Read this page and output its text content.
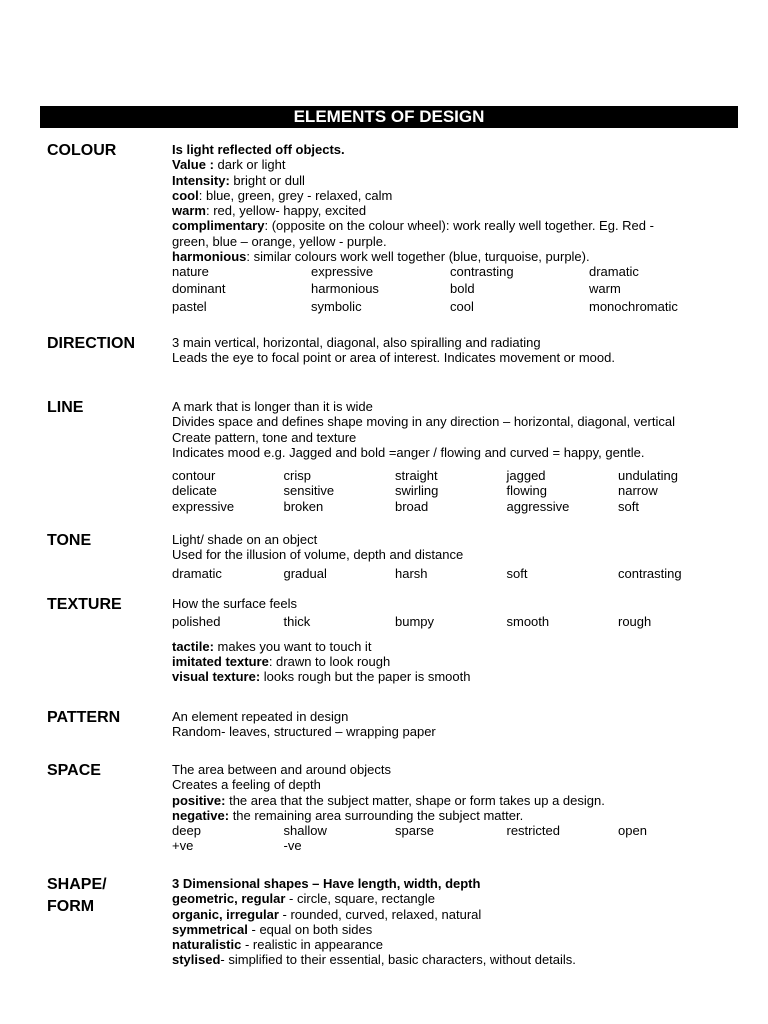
ELEMENTS OF DESIGN
COLOUR	Is light reflected off objects.
Value : dark or light
Intensity: bright or dull
cool: blue, green, grey - relaxed, calm
warm: red, yellow- happy, excited
complimentary: (opposite on the colour wheel): work really well together. Eg. Red -
green, blue – orange, yellow - purple.
harmonious: similar colours work well together (blue, turquoise, purple).
nature	expressive	contrasting	dramatic
dominant	harmonious	bold	warm
pastel	symbolic	cool	monochromatic
DIRECTION	3 main vertical, horizontal, diagonal, also spiralling and radiating
Leads the eye to focal point or area of interest. Indicates movement or mood.
LINE	A mark that is longer than it is wide
Divides space and defines shape moving in any direction – horizontal, diagonal, vertical
Create pattern, tone and texture
Indicates mood e.g. Jagged and bold =anger / flowing and curved = happy, gentle.
contour	crisp	straight	jagged	undulating
delicate	sensitive	swirling	flowing	narrow
expressive	broken	broad	aggressive	soft
TONE	Light/ shade on an object
Used for the illusion of volume, depth and distance
dramatic	gradual	harsh	soft	contrasting
TEXTURE	How the surface feels
polished	thick	bumpy	smooth	rough
tactile: makes you want to touch it
imitated texture: drawn to look rough
visual texture: looks rough but the paper is smooth
PATTERN	An element repeated in design
Random- leaves, structured – wrapping paper
SPACE	The area between and around objects
Creates a feeling of depth
positive: the area that the subject matter, shape or form takes up a design.
negative: the remaining area surrounding the subject matter.
deep	shallow	sparse	restricted	open
+ve	-ve
SHAPE/
FORM
3 Dimensional shapes – Have length, width, depth
geometric, regular - circle, square, rectangle
organic, irregular - rounded, curved, relaxed, natural
symmetrical - equal on both sides
naturalistic - realistic in appearance
stylised- simplified to their essential, basic characters, without details.
